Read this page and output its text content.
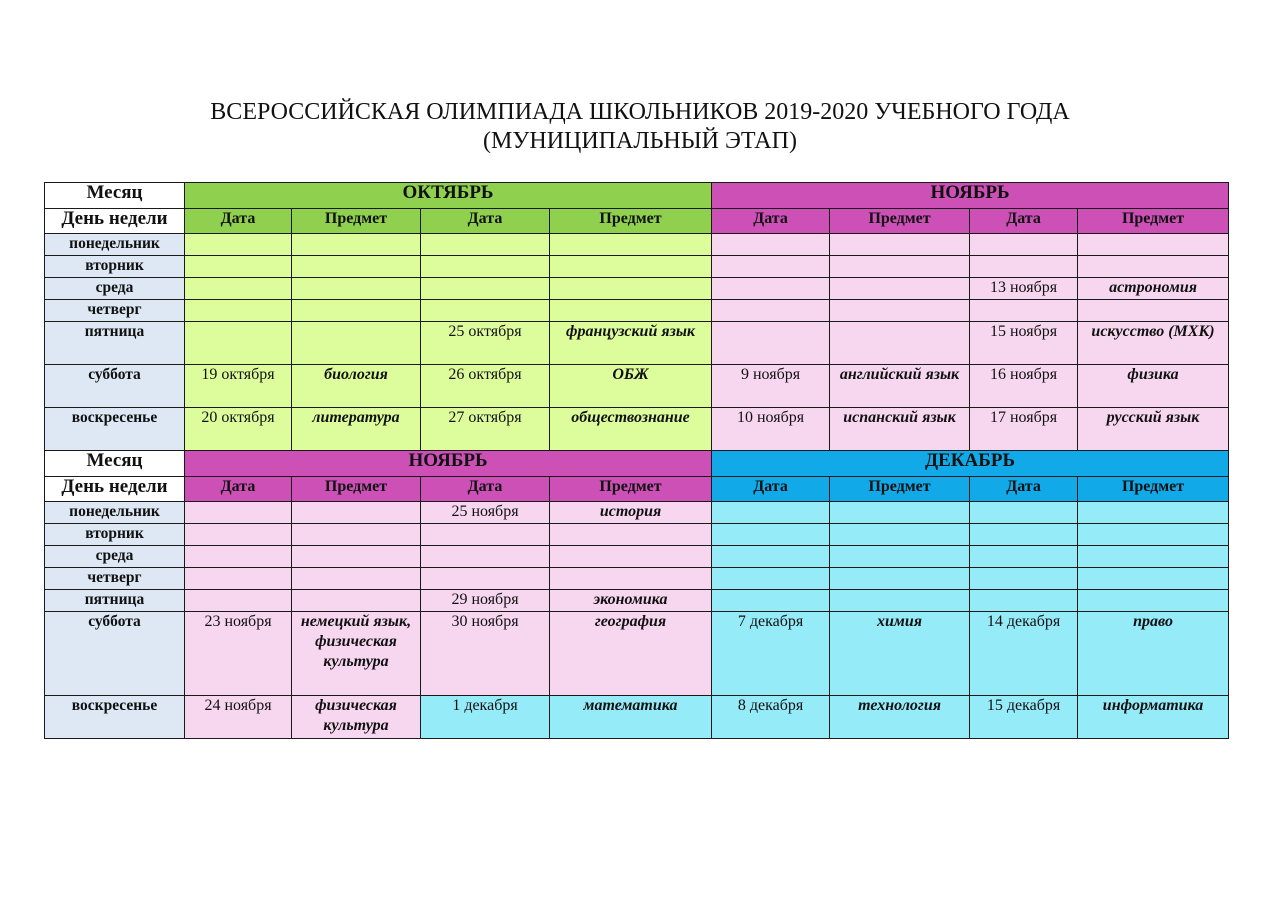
ВСЕРОССИЙСКАЯ ОЛИМПИАДА ШКОЛЬНИКОВ 2019-2020 УЧЕБНОГО ГОДА
(МУНИЦИПАЛЬНЫЙ ЭТАП)
Месяц	ОКТЯБРЬ				НОЯБРЬ			
День недели	Дата	Предмет	Дата	Предмет	Дата	Предмет	Дата	Предмет
понедельник								
вторник								
среда							13 ноября	астрономия
четверг								
пятница			25 октября	французский язык			15 ноября	искусство (МХК)
суббота	19 октября	биология	26 октября	ОБЖ	9 ноября	английский язык	16 ноября	физика
воскресенье	20 октября	литература	27 октября	обществознание	10 ноября	испанский язык	17 ноября	русский язык
Месяц	НОЯБРЬ				ДЕКАБРЬ			
День недели	Дата	Предмет	Дата	Предмет	Дата	Предмет	Дата	Предмет
понедельник			25 ноября	история				
вторник								
среда								
четверг								
пятница			29 ноября	экономика				
суббота	23 ноября	немецкий язык, физическая культура	30 ноября	география	7 декабря	химия	14 декабря	право
воскресенье	24 ноября	физическая культура	1 декабря	математика	8 декабря	технология	15 декабря	информатика
